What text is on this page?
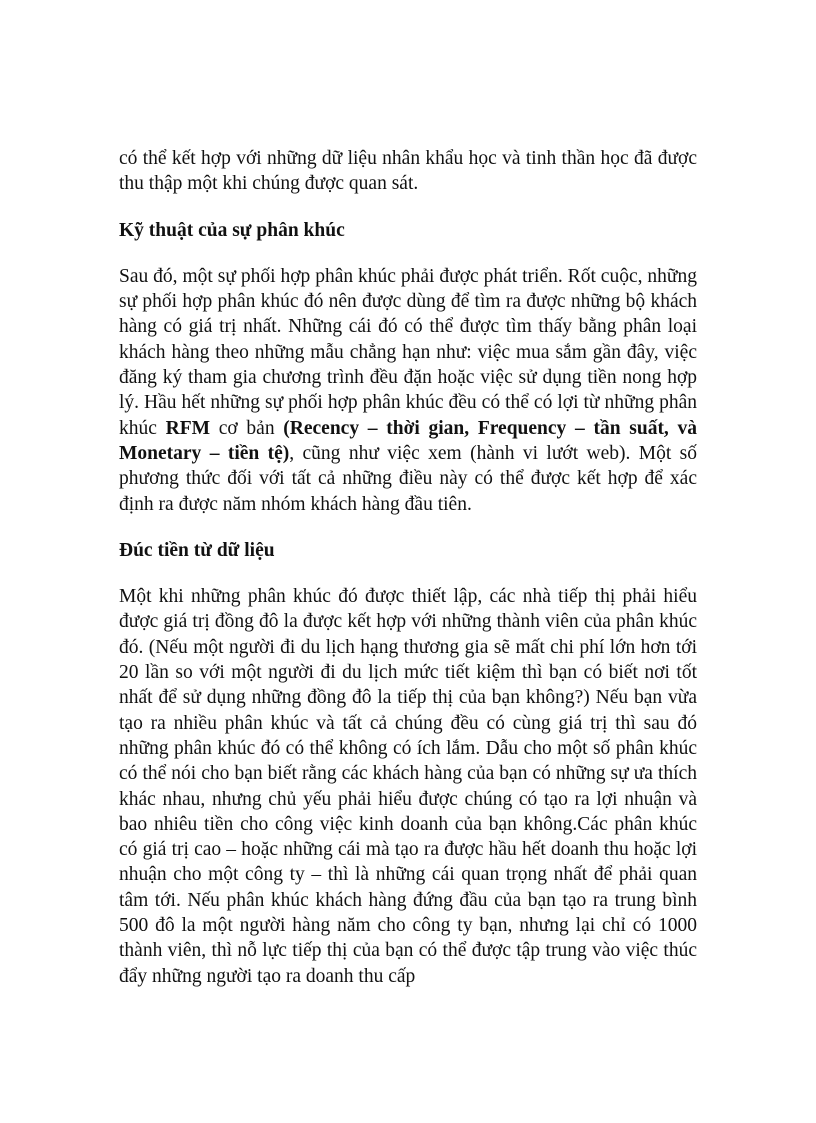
có thể kết hợp với những dữ liệu nhân khẩu học và tinh thần học đã được thu thập một khi chúng được quan sát.

Kỹ thuật của sự phân khúc

Sau đó, một sự phối hợp phân khúc phải được phát triển. Rốt cuộc, những sự phối hợp phân khúc đó nên được dùng để tìm ra được những bộ khách hàng có giá trị nhất. Những cái đó có thể được tìm thấy bằng phân loại khách hàng theo những mẫu chẳng hạn như: việc mua sắm gần đây, việc đăng ký tham gia chương trình đều đặn hoặc việc sử dụng tiền nong hợp lý. Hầu hết những sự phối hợp phân khúc đều có thể có lợi từ những phân khúc RFM cơ bản (Recency – thời gian, Frequency – tần suất, và Monetary – tiền tệ), cũng như việc xem (hành vi lướt web). Một số phương thức đối với tất cả những điều này có thể được kết hợp để xác định ra được năm nhóm khách hàng đầu tiên.

Đúc tiền từ dữ liệu

Một khi những phân khúc đó được thiết lập, các nhà tiếp thị phải hiểu được giá trị đồng đô la được kết hợp với những thành viên của phân khúc đó. (Nếu một người đi du lịch hạng thương gia sẽ mất chi phí lớn hơn tới 20 lần so với một người đi du lịch mức tiết kiệm thì bạn có biết nơi tốt nhất để sử dụng những đồng đô la tiếp thị của bạn không?) Nếu bạn vừa tạo ra nhiều phân khúc và tất cả chúng đều có cùng giá trị thì sau đó những phân khúc đó có thể không có ích lắm. Dẫu cho một số phân khúc có thể nói cho bạn biết rằng các khách hàng của bạn có những sự ưa thích khác nhau, nhưng chủ yếu phải hiểu được chúng có tạo ra lợi nhuận và bao nhiêu tiền cho công việc kinh doanh của bạn không.Các phân khúc có giá trị cao – hoặc những cái mà tạo ra được hầu hết doanh thu hoặc lợi nhuận cho một công ty – thì là những cái quan trọng nhất để phải quan tâm tới. Nếu phân khúc khách hàng đứng đầu của bạn tạo ra trung bình 500 đô la một người hàng năm cho công ty bạn, nhưng lại chỉ có 1000 thành viên, thì nỗ lực tiếp thị của bạn có thể được tập trung vào việc thúc đẩy những người tạo ra doanh thu cấp
